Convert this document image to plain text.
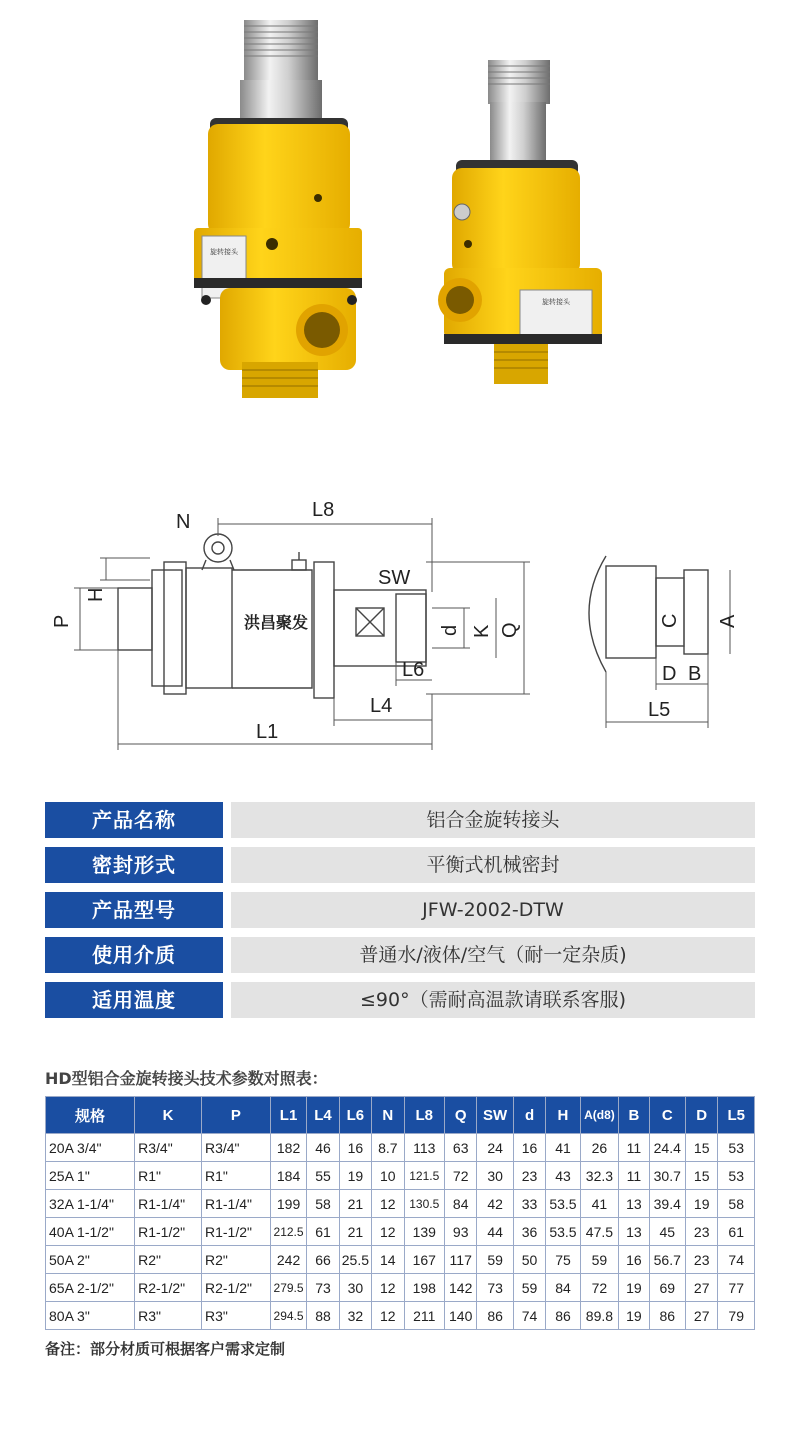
旋转接头
旋转接头
洪昌聚发
L8
N
H
P
SW
d K Q
L6
L4
L1
C A
D B
L5
产品名称	铝合金旋转接头
密封形式	平衡式机械密封
产品型号	JFW-2002-DTW
使用介质	普通水/液体/空气（耐一定杂质)
适用温度	≤90°（需耐高温款请联系客服)
HD型铝合金旋转接头技术参数对照表：
规格	K	P	L1	L4	L6	N	L8	Q	SW	d	H	A(d8)	B	C	D	L5
20A 3/4"	R3/4"	R3/4"	182	46	16	8.7	113	63	24	16	41	26	11	24.4	15	53
25A 1"	R1"	R1"	184	55	19	10	121.5	72	30	23	43	32.3	11	30.7	15	53
32A 1-1/4"	R1-1/4"	R1-1/4"	199	58	21	12	130.5	84	42	33	53.5	41	13	39.4	19	58
40A 1-1/2"	R1-1/2"	R1-1/2"	212.5	61	21	12	139	93	44	36	53.5	47.5	13	45	23	61
50A 2"	R2"	R2"	242	66	25.5	14	167	117	59	50	75	59	16	56.7	23	74
65A 2-1/2"	R2-1/2"	R2-1/2"	279.5	73	30	12	198	142	73	59	84	72	19	69	27	77
80A 3"	R3"	R3"	294.5	88	32	12	211	140	86	74	86	89.8	19	86	27	79
备注：部分材质可根据客户需求定制
